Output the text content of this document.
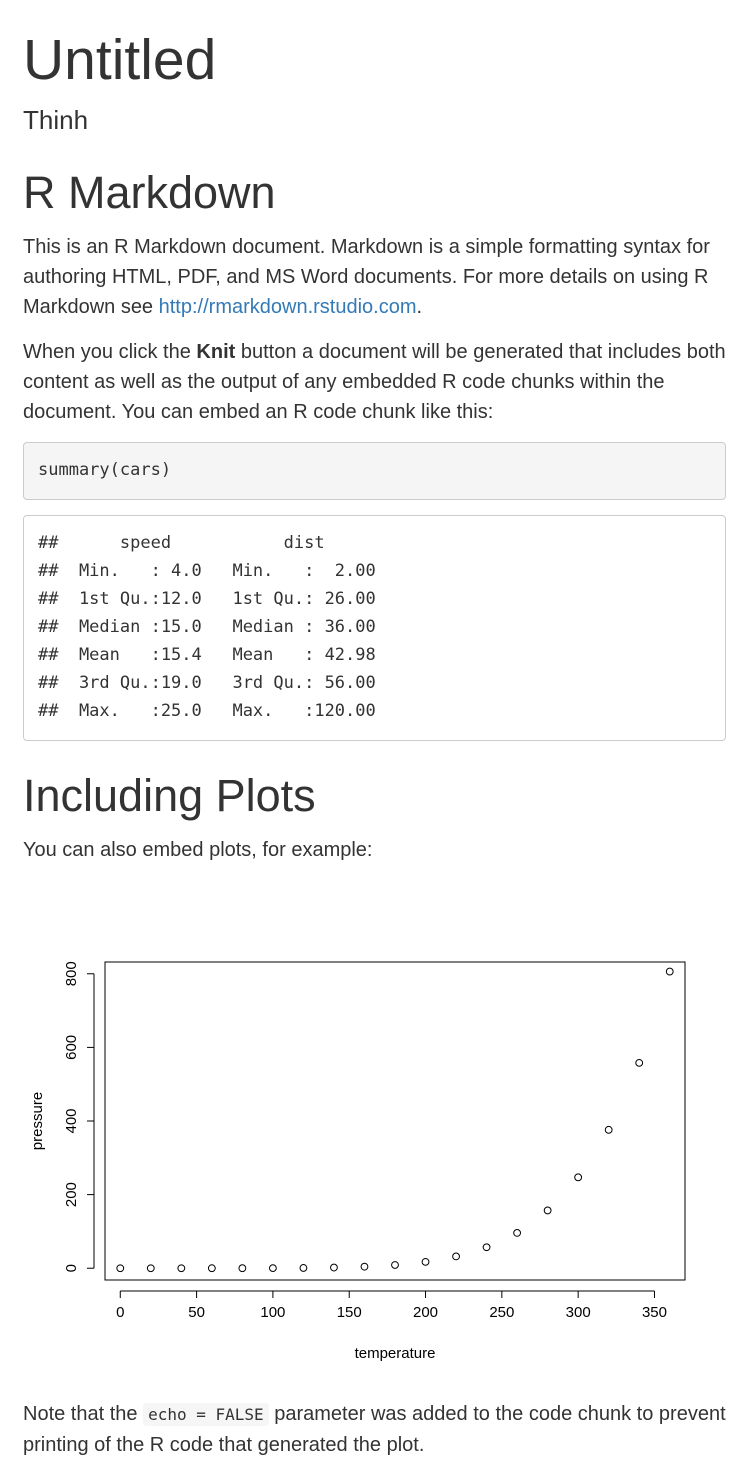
Untitled
Thinh
R Markdown

This is an R Markdown document. Markdown is a simple formatting syntax for authoring HTML, PDF, and MS Word documents. For more details on using R Markdown see http://rmarkdown.rstudio.com.

When you click the Knit button a document will be generated that includes both content as well as the output of any embedded R code chunks within the document. You can embed an R code chunk like this:

summary(cars)
##      speed           dist
##  Min.   : 4.0   Min.   :  2.00
##  1st Qu.:12.0   1st Qu.: 26.00
##  Median :15.0   Median : 36.00
##  Mean   :15.4   Mean   : 42.98
##  3rd Qu.:19.0   3rd Qu.: 56.00
##  Max.   :25.0   Max.   :120.00
Including Plots

You can also embed plots, for example:

Note that the echo = FALSE parameter was added to the code chunk to prevent printing of the R code that generated the plot.

0	50	100	150	200	250	300	350
0
200
400
600
800
temperature
pressure
